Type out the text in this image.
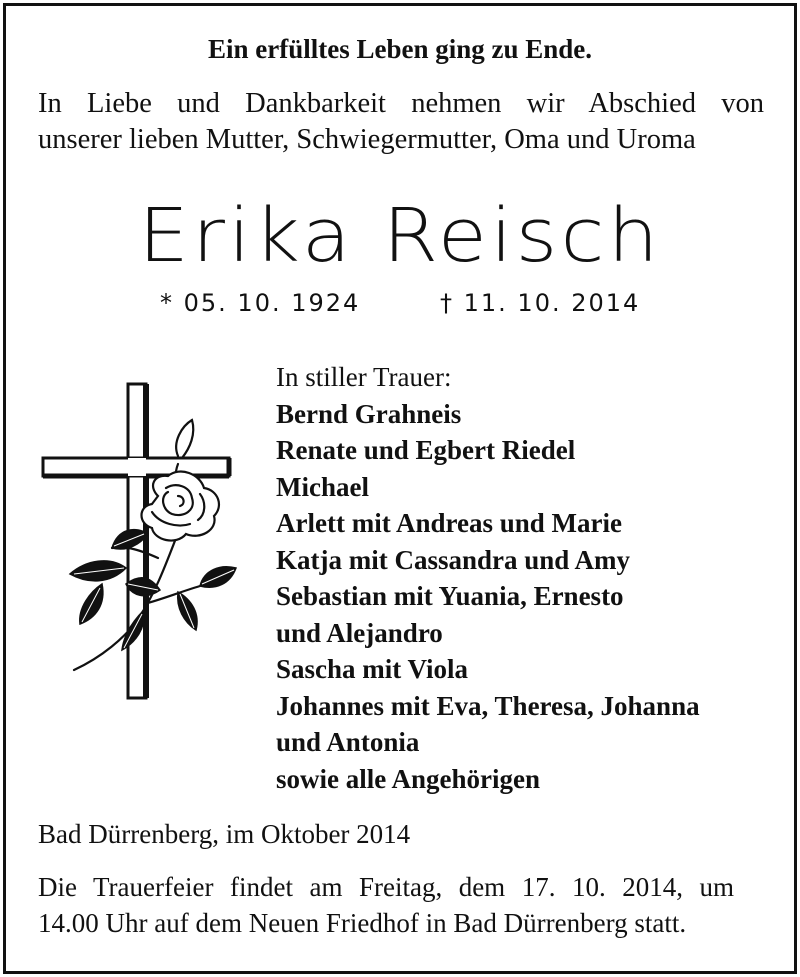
Ein erfülltes Leben ging zu Ende.

In Liebe und Dankbarkeit nehmen wir Abschied von
unserer lieben Mutter, Schwiegermutter, Oma und Uroma

Erika Reisch
* 05. 10. 1924	† 11. 10. 2014
In stiller Trauer:
Bernd Grahneis
Renate und Egbert Riedel
Michael
Arlett mit Andreas und Marie
Katja mit Cassandra und Amy
Sebastian mit Yuania, Ernesto
und Alejandro
Sascha mit Viola
Johannes mit Eva, Theresa, Johanna
und Antonia
sowie alle Angehörigen
Bad Dürrenberg, im Oktober 2014

Die Trauerfeier findet am Freitag, dem 17. 10. 2014, um
14.00 Uhr auf dem Neuen Friedhof in Bad Dürrenberg statt.
